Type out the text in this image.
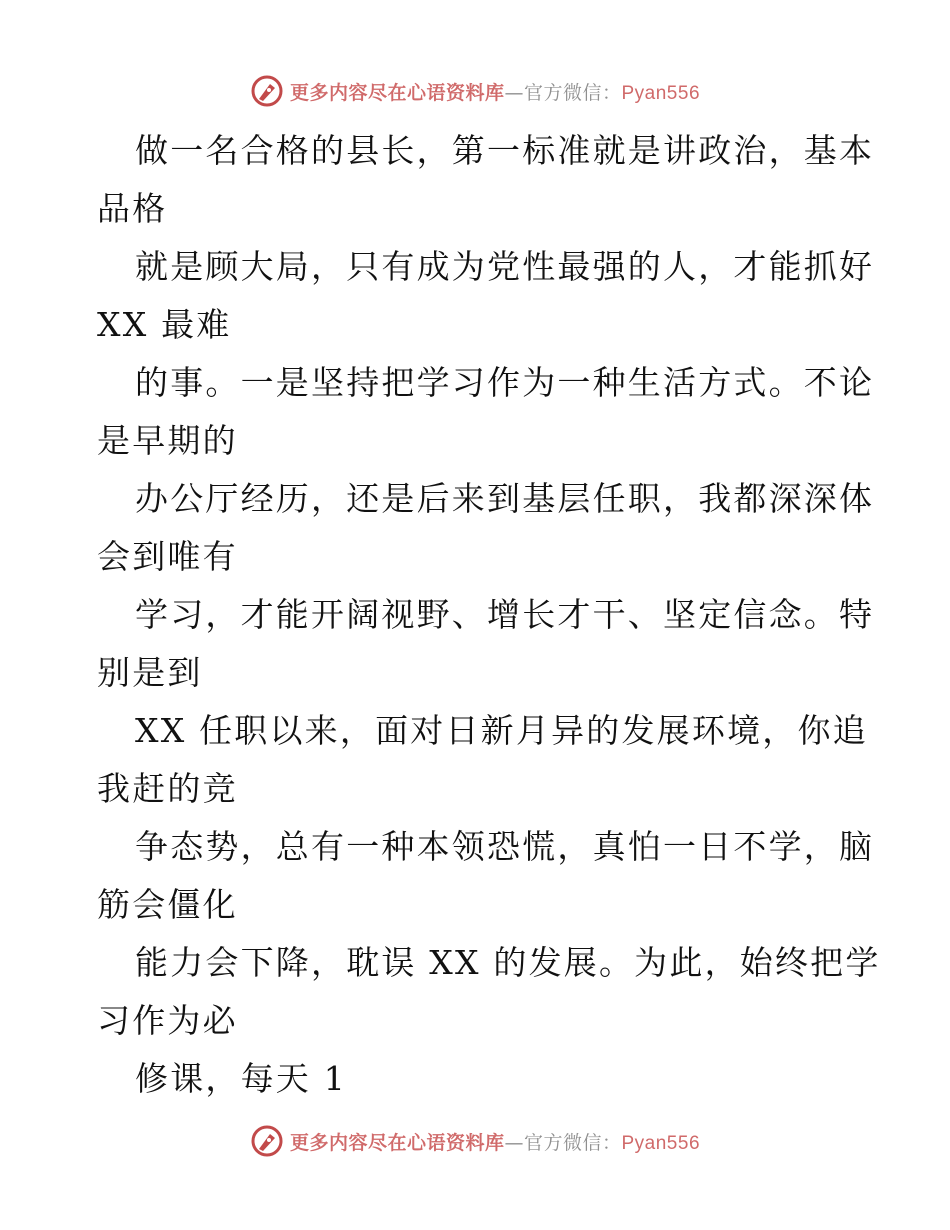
更多内容尽在心语资料库—官方微信：Pyan556
做一名合格的县长，第一标准就是讲政治，基本
品格
就是顾大局，只有成为党性最强的人，才能抓好
XX 最难
的事。一是坚持把学习作为一种生活方式。不论
是早期的
办公厅经历，还是后来到基层任职，我都深深体
会到唯有
学习，才能开阔视野、增长才干、坚定信念。特
别是到
XX 任职以来，面对日新月异的发展环境，你追
我赶的竞
争态势，总有一种本领恐慌，真怕一日不学，脑
筋会僵化
能力会下降，耽误 XX 的发展。为此，始终把学
习作为必
修课，每天 1
更多内容尽在心语资料库—官方微信：Pyan556
